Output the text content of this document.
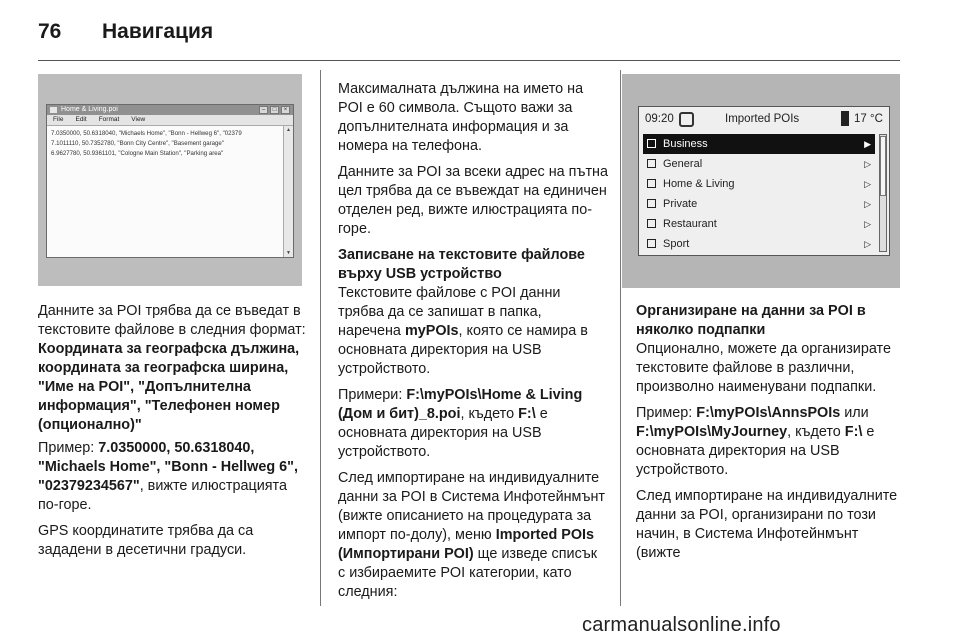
76 Навигация
Home & Living.poi	–	□	×
File Edit Format View
7.0350000, 50.6318040, "Michaels Home", "Bonn - Hellweg 6", "02379
7.1011110, 50.7352780, "Bonn City Centre", "Basement garage"
6.9627780, 50.9361101, "Cologne Main Station", "Parking area"
▲
▼

Данните за POI трябва да се въведат в текстовите файлове в следния формат:

Координата за географска дължина, координата за географска ширина, "Име на POI", "Допълнителна информация", "Телефонен номер (опционално)"

Пример: 7.0350000, 50.6318040, "Michaels Home", "Bonn - Hellweg 6", "02379234567", вижте илюстрацията по-горе.

GPS координатите трябва да са зададени в десетични градуси.

Максималната дължина на името на POI е 60 символа. Същото важи за допълнителната информация и за номера на телефона.

Данните за POI за всеки адрес на пътна цел трябва да се въвеждат на единичен отделен ред, вижте илюстрацията по-горе.

Записване на текстовите файлове върху USB устройство

Текстовите файлове с POI данни трябва да се запишат в папка, наречена myPOIs, която се намира в основната директория на USB устройството.

Примери: F:\myPOIs\Home & Living (Дом и бит)_8.poi, където F:\ е основната директория на USB устройството.

След импортиране на индивидуалните данни за POI в Система Инфотейнмънт (вижте описанието на процедурата за импорт по-долу), меню Imported POIs (Импортирани POI) ще изведе списък с избираемите POI категории, като следния:

09:20	Imported POIs	17 °C
Business	▶
General	▷
Home & Living	▷
Private	▷
Restaurant	▷
Sport	▷
Организиране на данни за POI в няколко подпапки

Опционално, можете да организирате текстовите файлове в различни, произволно наименувани подпапки.

Пример: F:\myPOIs\AnnsPOIs или F:\myPOIs\MyJourney, където F:\ е основната директория на USB устройството.

След импортиране на индивидуалните данни за POI, организирани по този начин, в Система Инфотейнмънт (вижте

carmanualsonline.info
